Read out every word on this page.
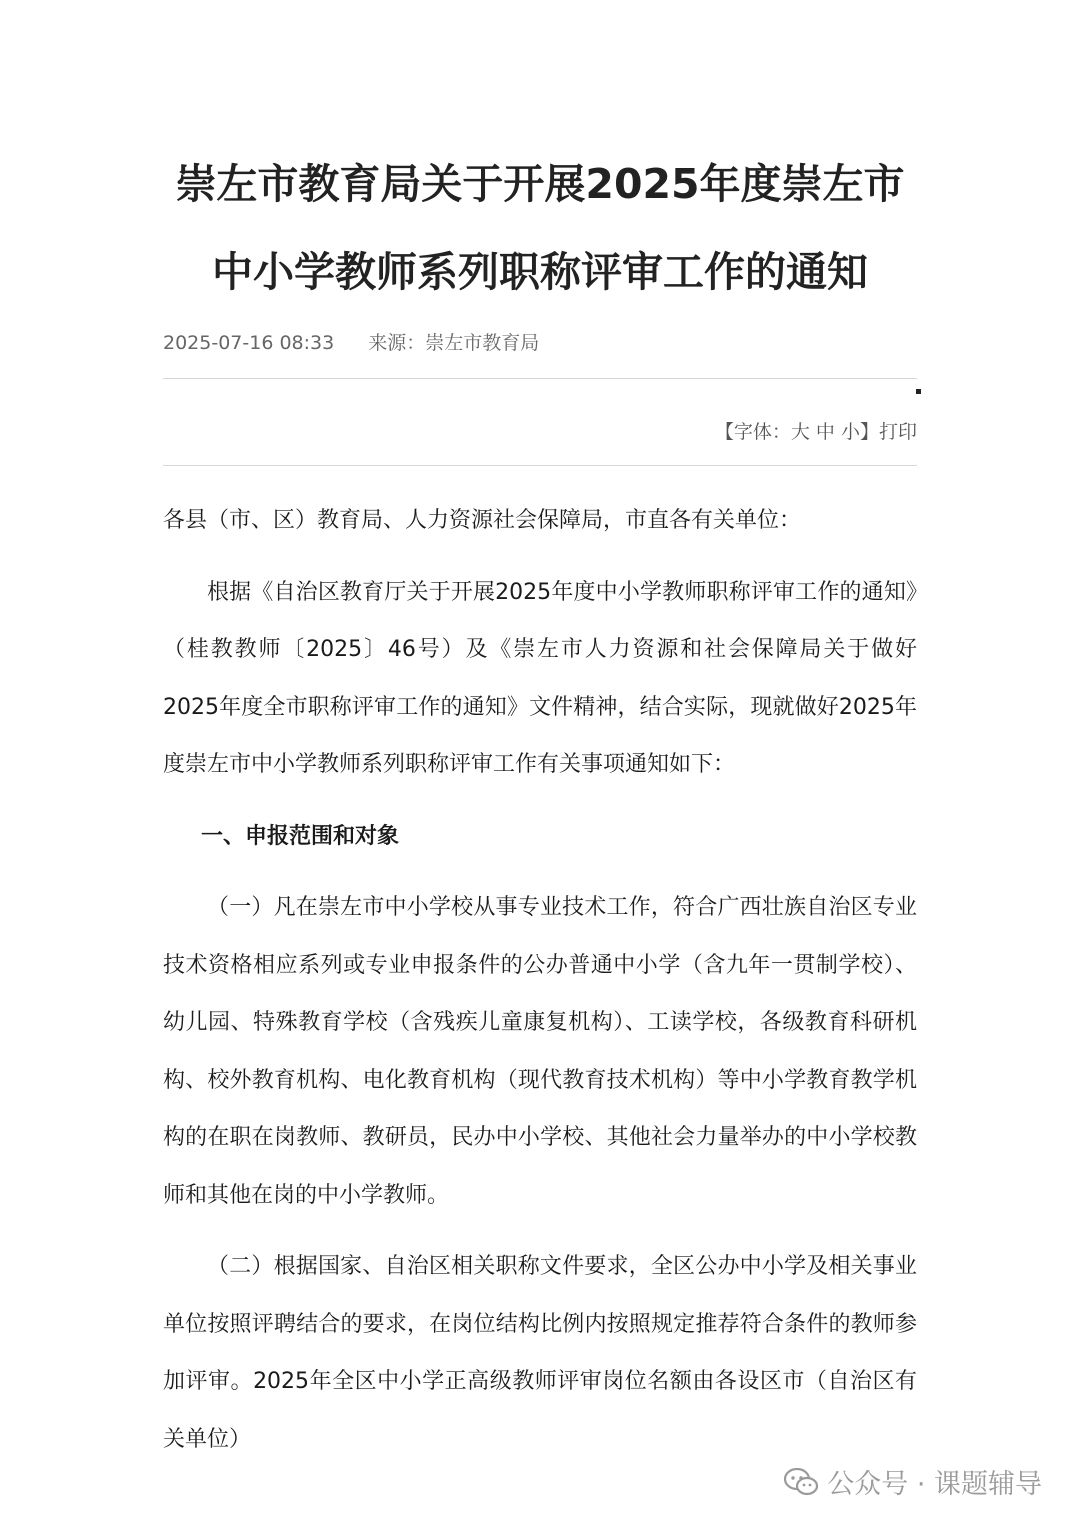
崇左市教育局关于开展2025年度崇左市中小学教师系列职称评审工作的通知
2025-07-16 08:33 来源：崇左市教育局
【字体：大 中 小】打印

各县（市、区）教育局、人力资源社会保障局，市直各有关单位：

根据《自治区教育厅关于开展2025年度中小学教师职称评审工作的通知》（桂教教师〔2025〕46号）及《崇左市人力资源和社会保障局关于做好2025年度全市职称评审工作的通知》文件精神，结合实际，现就做好2025年度崇左市中小学教师系列职称评审工作有关事项通知如下：

一、申报范围和对象

（一）凡在崇左市中小学校从事专业技术工作，符合广西壮族自治区专业技术资格相应系列或专业申报条件的公办普通中小学（含九年一贯制学校）、幼儿园、特殊教育学校（含残疾儿童康复机构）、工读学校，各级教育科研机构、校外教育机构、电化教育机构（现代教育技术机构）等中小学教育教学机构的在职在岗教师、教研员，民办中小学校、其他社会力量举办的中小学校教师和其他在岗的中小学教师。

（二）根据国家、自治区相关职称文件要求，全区公办中小学及相关事业单位按照评聘结合的要求，在岗位结构比例内按照规定推荐符合条件的教师参加评审。2025年全区中小学正高级教师评审岗位名额由各设区市（自治区有关单位）

公众号 · 课题辅导
